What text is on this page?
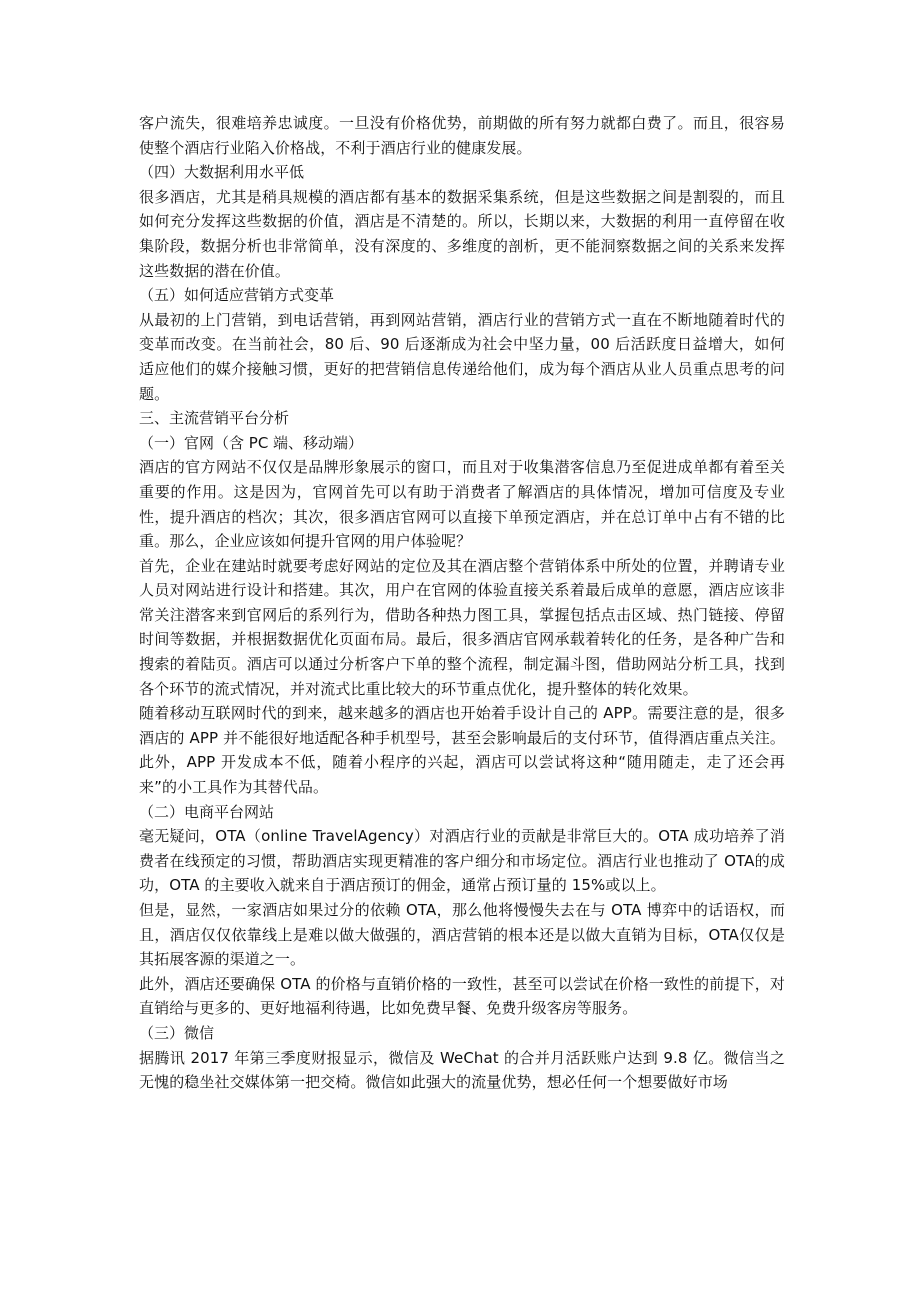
客户流失，很难培养忠诚度。一旦没有价格优势，前期做的所有努力就都白费了。而且，很容易使整个酒店行业陷入价格战，不利于酒店行业的健康发展。

（四）大数据利用水平低

很多酒店，尤其是稍具规模的酒店都有基本的数据采集系统，但是这些数据之间是割裂的，而且如何充分发挥这些数据的价值，酒店是不清楚的。所以，长期以来，大数据的利用一直停留在收集阶段，数据分析也非常简单，没有深度的、多维度的剖析，更不能洞察数据之间的关系来发挥这些数据的潜在价值。

（五）如何适应营销方式变革

从最初的上门营销，到电话营销，再到网站营销，酒店行业的营销方式一直在不断地随着时代的变革而改变。在当前社会，80 后、90 后逐渐成为社会中坚力量，00 后活跃度日益增大，如何适应他们的媒介接触习惯，更好的把营销信息传递给他们，成为每个酒店从业人员重点思考的问题。

三、主流营销平台分析

（一）官网（含 PC 端、移动端）

酒店的官方网站不仅仅是品牌形象展示的窗口，而且对于收集潜客信息乃至促进成单都有着至关重要的作用。这是因为，官网首先可以有助于消费者了解酒店的具体情况，增加可信度及专业性，提升酒店的档次；其次，很多酒店官网可以直接下单预定酒店，并在总订单中占有不错的比重。那么，企业应该如何提升官网的用户体验呢？

首先，企业在建站时就要考虑好网站的定位及其在酒店整个营销体系中所处的位置，并聘请专业人员对网站进行设计和搭建。其次，用户在官网的体验直接关系着最后成单的意愿，酒店应该非常关注潜客来到官网后的系列行为，借助各种热力图工具，掌握包括点击区域、热门链接、停留时间等数据，并根据数据优化页面布局。最后，很多酒店官网承载着转化的任务，是各种广告和搜索的着陆页。酒店可以通过分析客户下单的整个流程，制定漏斗图，借助网站分析工具，找到各个环节的流式情况，并对流式比重比较大的环节重点优化，提升整体的转化效果。

随着移动互联网时代的到来，越来越多的酒店也开始着手设计自己的 APP。需要注意的是，很多酒店的 APP 并不能很好地适配各种手机型号，甚至会影响最后的支付环节，值得酒店重点关注。此外，APP 开发成本不低，随着小程序的兴起，酒店可以尝试将这种“随用随走，走了还会再来”的小工具作为其替代品。

（二）电商平台网站

毫无疑问，OTA（online TravelAgency）对酒店行业的贡献是非常巨大的。OTA 成功培养了消费者在线预定的习惯，帮助酒店实现更精准的客户细分和市场定位。酒店行业也推动了 OTA的成功，OTA 的主要收入就来自于酒店预订的佣金，通常占预订量的 15%或以上。

但是，显然，一家酒店如果过分的依赖 OTA，那么他将慢慢失去在与 OTA 博弈中的话语权，而且，酒店仅仅依靠线上是难以做大做强的，酒店营销的根本还是以做大直销为目标，OTA仅仅是其拓展客源的渠道之一。

此外，酒店还要确保 OTA 的价格与直销价格的一致性，甚至可以尝试在价格一致性的前提下，对直销给与更多的、更好地福利待遇，比如免费早餐、免费升级客房等服务。

（三）微信

据腾讯 2017 年第三季度财报显示，微信及 WeChat 的合并月活跃账户达到 9.8 亿。微信当之无愧的稳坐社交媒体第一把交椅。微信如此强大的流量优势，想必任何一个想要做好市场
